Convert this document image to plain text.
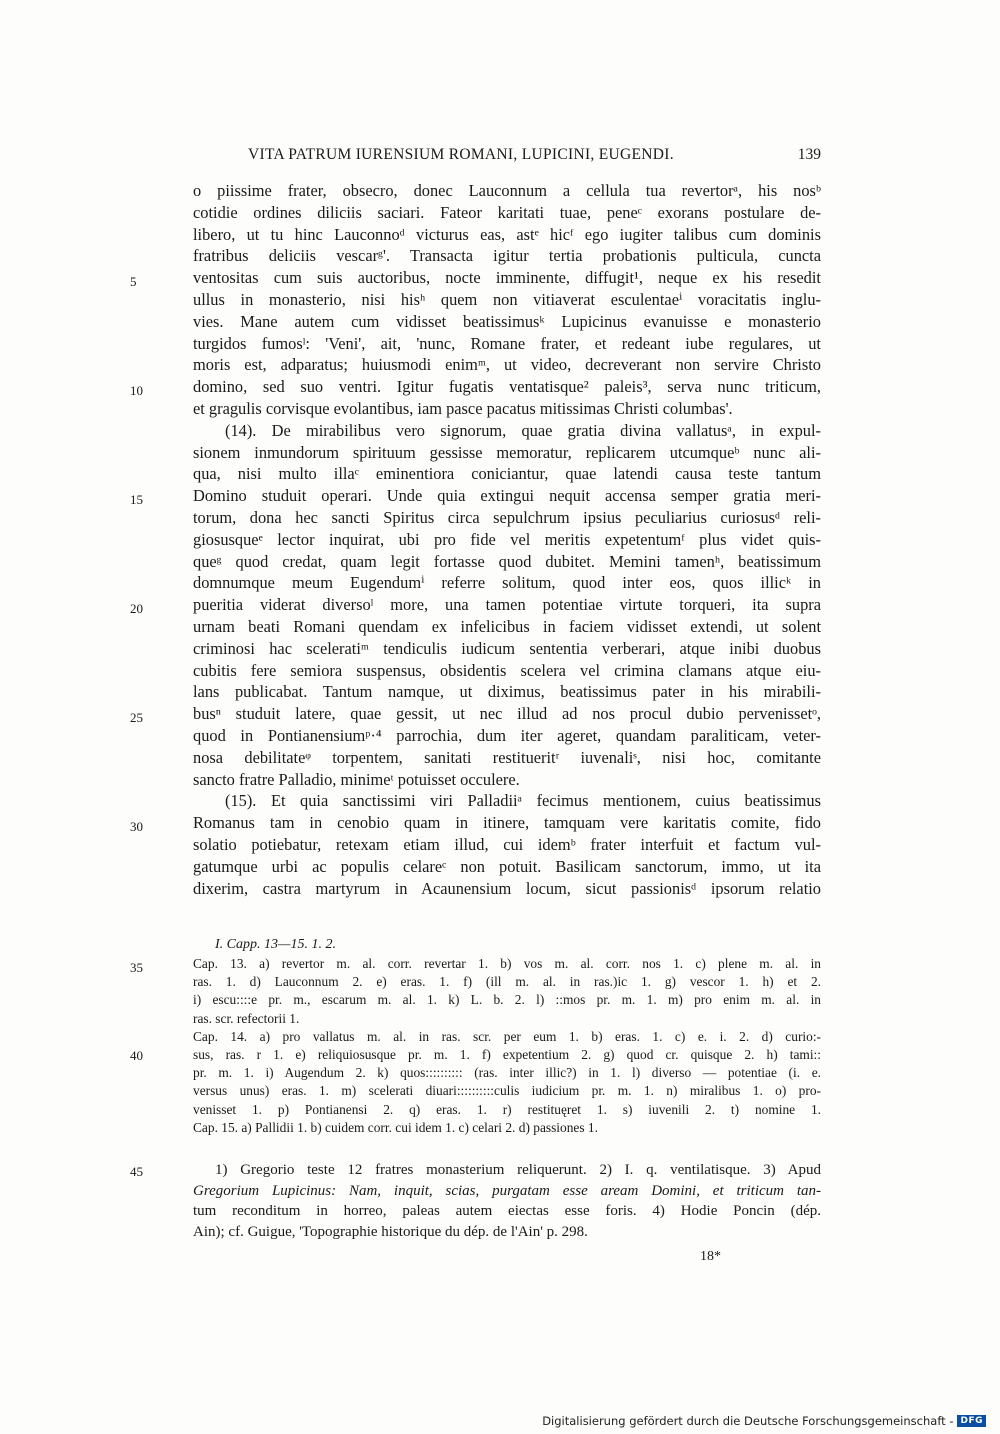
VITA PATRUM IURENSIUM ROMANI, LUPICINI, EUGENDI.	139
5
10
15
20
25
30
35
40
45
o piissime frater, obsecro, donec Lauconnum a cellula tua revertorᵃ, his nosᵇ
cotidie ordines diliciis saciari. Fateor karitati tuae, peneᶜ exorans postulare de-
libero, ut tu hinc Lauconnoᵈ victurus eas, astᵉ hicᶠ ego iugiter talibus cum dominis
fratribus deliciis vescarᵍ'. Transacta igitur tertia probationis pulticula, cuncta
ventositas cum suis auctoribus, nocte imminente, diffugit¹, neque ex his resedit
ullus in monasterio, nisi hisʰ quem non vitiaverat esculentaeⁱ voracitatis inglu-
vies. Mane autem cum vidisset beatissimusᵏ Lupicinus evanuisse e monasterio
turgidos fumosˡ: 'Veni', ait, 'nunc, Romane frater, et redeant iube regulares, ut
moris est, adparatus; huiusmodi enimᵐ, ut video, decreverant non servire Christo
domino, sed suo ventri. Igitur fugatis ventatisque² paleis³, serva nunc triticum,
et gragulis corvisque evolantibus, iam pasce pacatus mitissimas Christi columbas'.
(14). De mirabilibus vero signorum, quae gratia divina vallatusᵃ, in expul-
sionem inmundorum spirituum gessisse memoratur, replicarem utcumqueᵇ nunc ali-
qua, nisi multo illaᶜ eminentiora coniciantur, quae latendi causa teste tantum
Domino studuit operari. Unde quia extingui nequit accensa semper gratia meri-
torum, dona hec sancti Spiritus circa sepulchrum ipsius peculiarius curiosusᵈ reli-
giosusqueᵉ lector inquirat, ubi pro fide vel meritis expetentumᶠ plus videt quis-
queᵍ quod credat, quam legit fortasse quod dubitet. Memini tamenʰ, beatissimum
domnumque meum Eugendumⁱ referre solitum, quod inter eos, quos illicᵏ in
pueritia viderat diversoˡ more, una tamen potentiae virtute torqueri, ita supra
urnam beati Romani quendam ex infelicibus in faciem vidisset extendi, ut solent
criminosi hac sceleratiᵐ tendiculis iudicum sententia verberari, atque inibi duobus
cubitis fere semiora suspensus, obsidentis scelera vel crimina clamans atque eiu-
lans publicabat. Tantum namque, ut diximus, beatissimus pater in his mirabili-
busⁿ studuit latere, quae gessit, ut nec illud ad nos procul dubio pervenissetᵒ,
quod in Pontianensiumᵖ·⁴ parrochia, dum iter ageret, quandam paraliticam, veter-
nosa debilitateᵠ torpentem, sanitati restitueritʳ iuvenaliˢ, nisi hoc, comitante
sancto fratre Palladio, minimeᵗ potuisset occulere.
(15). Et quia sanctissimi viri Palladiiᵃ fecimus mentionem, cuius beatissimus
Romanus tam in cenobio quam in itinere, tamquam vere karitatis comite, fido
solatio potiebatur, retexam etiam illud, cui idemᵇ frater interfuit et factum vul-
gatumque urbi ac populis celareᶜ non potuit. Basilicam sanctorum, immo, ut ita
dixerim, castra martyrum in Acaunensium locum, sicut passionisᵈ ipsorum relatio
I. Capp. 13—15. 1. 2.
Cap. 13. a) revertor m. al. corr. revertar 1. b) vos m. al. corr. nos 1. c) plene m. al. in
ras. 1. d) Lauconnum 2. e) eras. 1. f) (ill m. al. in ras.)ic 1. g) vescor 1. h) et 2.
i) escu::::e pr. m., escarum m. al. 1. k) L. b. 2. l) ::mos pr. m. 1. m) pro enim m. al. in
ras. scr. refectorii 1.
Cap. 14. a) pro vallatus m. al. in ras. scr. per eum 1. b) eras. 1. c) e. i. 2. d) curio:-
sus, ras. r 1. e) reliquiosusque pr. m. 1. f) expetentium 2. g) quod cr. quisque 2. h) tami::
pr. m. 1. i) Augendum 2. k) quos:::::::::: (ras. inter illic?) in 1. l) diverso — potentiae (i. e.
versus unus) eras. 1. m) scelerati diuari::::::::::culis iudicium pr. m. 1. n) miralibus 1. o) pro-
venisset 1. p) Pontianensi 2. q) eras. 1. r) restituęret 1. s) iuvenili 2. t) nomine 1.
Cap. 15. a) Pallidii 1. b) cuidem corr. cui idem 1. c) celari 2. d) passiones 1.
1) Gregorio teste 12 fratres monasterium reliquerunt. 2) I. q. ventilatisque. 3) Apud
Gregorium Lupicinus: Nam, inquit, scias, purgatam esse aream Domini, et triticum tan-
tum reconditum in horreo, paleas autem eiectas esse foris. 4) Hodie Poncin (dép.
Ain); cf. Guigue, 'Topographie historique du dép. de l'Ain' p. 298.
18*
Digitalisierung gefördert durch die Deutsche Forschungsgemeinschaft - DFG
